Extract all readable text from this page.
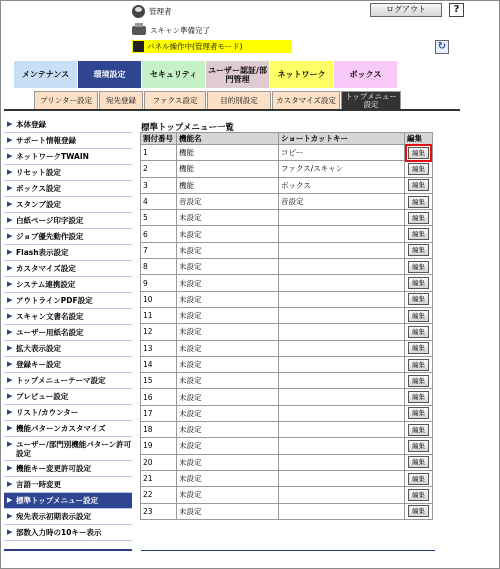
管理者	ログアウト	?
スキャン準備完了
パネル操作中(管理者モード)	↻
メンテナンス	環境設定	セキュリティ	ユーザー認証/部
門管理	ネットワーク	ボックス
プリンター設定	宛先登録	ファクス設定	目的別設定	カスタマイズ設定	トップメニュー
設定
▶ 本体登録
▶ サポート情報登録
▶ ネットワークTWAIN
▶ リセット設定
▶ ボックス設定
▶ スタンプ設定
▶ 白紙ページ印字設定
▶ ジョブ優先動作設定
▶ Flash表示設定
▶ カスタマイズ設定
▶ システム連携設定
▶ アウトラインPDF設定
▶ スキャン文書名設定
▶ ユーザー用紙名設定
▶ 拡大表示設定
▶ 登録キー設定
▶ トップメニューテーマ設定
▶ プレビュー設定
▶ リスト/カウンター
▶ 機能パターンカスタマイズ
▶ ユーザー/部門別機能パターン許可設定
▶ 機能キー変更許可設定
▶ 言語一時変更
▶ 標準トップメニュー設定
▶ 宛先表示初期表示設定
▶ 部数入力時の10キー表示
標準トップメニュー一覧
割付番号	機能名	ショートカットキー	編集
1	機能	コピー	編集
2	機能	ファクス/スキャン	編集
3	機能	ボックス	編集
4	音設定	音設定	編集
5	未設定		編集
6	未設定		編集
7	未設定		編集
8	未設定		編集
9	未設定		編集
10	未設定		編集
11	未設定		編集
12	未設定		編集
13	未設定		編集
14	未設定		編集
15	未設定		編集
16	未設定		編集
17	未設定		編集
18	未設定		編集
19	未設定		編集
20	未設定		編集
21	未設定		編集
22	未設定		編集
23	未設定		編集
